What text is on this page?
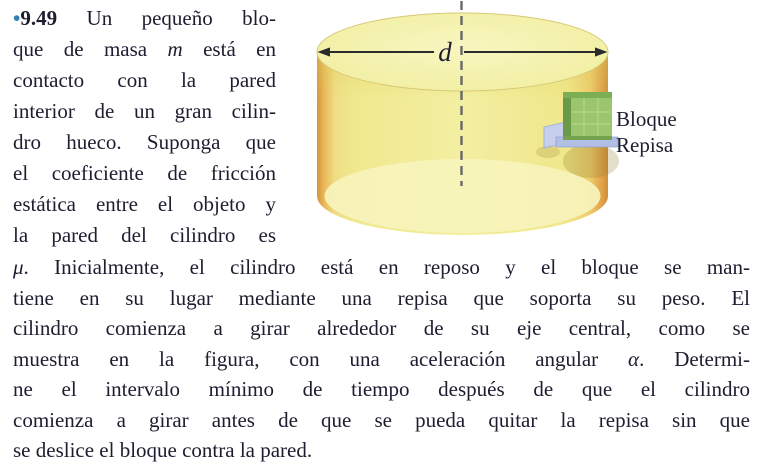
•9.49 Un pequeño blo-
que de masa m está en
contacto con la pared
interior de un gran cilin-
dro hueco. Suponga que
el coeficiente de fricción
estática entre el objeto y
la pared del cilindro es
μ. Inicialmente, el cilindro está en reposo y el bloque se man-
tiene en su lugar mediante una repisa que soporta su peso. El
cilindro comienza a girar alrededor de su eje central, como se
muestra en la figura, con una aceleración angular α. Determi-
ne el intervalo mínimo de tiempo después de que el cilindro
comienza a girar antes de que se pueda quitar la repisa sin que
se deslice el bloque contra la pared.
d
Bloque
Repisa
